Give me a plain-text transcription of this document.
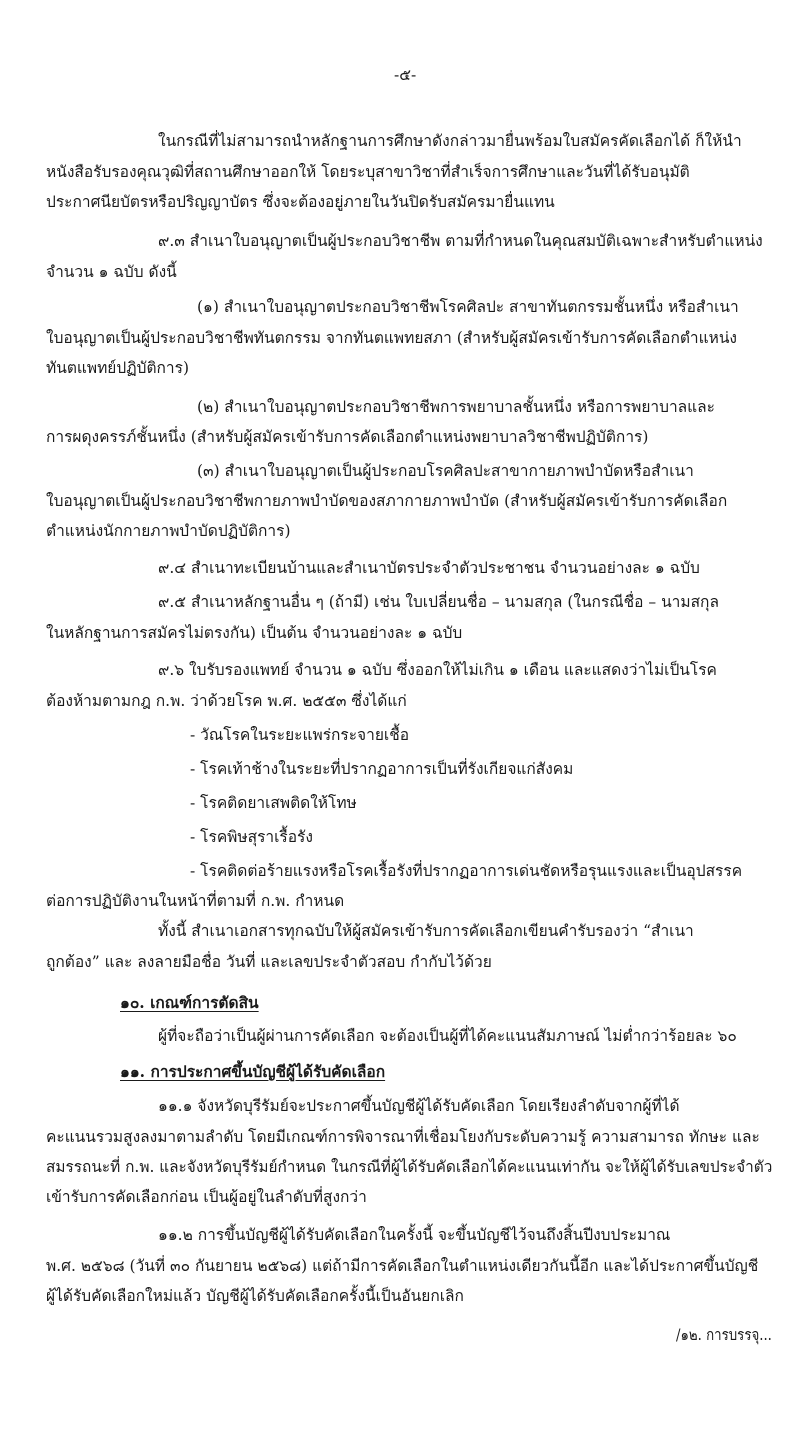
-๕-
ในกรณีที่ไม่สามารถนำหลักฐานการศึกษาดังกล่าวมายื่นพร้อมใบสมัครคัดเลือกได้ ก็ให้นำ
หนังสือรับรองคุณวุฒิที่สถานศึกษาออกให้ โดยระบุสาขาวิชาที่สำเร็จการศึกษาและวันที่ได้รับอนุมัติ
ประกาศนียบัตรหรือปริญญาบัตร ซึ่งจะต้องอยู่ภายในวันปิดรับสมัครมายื่นแทน
๙.๓ สำเนาใบอนุญาตเป็นผู้ประกอบวิชาชีพ ตามที่กำหนดในคุณสมบัติเฉพาะสำหรับตำแหน่ง
จำนวน ๑ ฉบับ ดังนี้
(๑) สำเนาใบอนุญาตประกอบวิชาชีพโรคศิลปะ สาขาทันตกรรมชั้นหนึ่ง หรือสำเนา
ใบอนุญาตเป็นผู้ประกอบวิชาชีพทันตกรรม จากทันตแพทยสภา (สำหรับผู้สมัครเข้ารับการคัดเลือกตำแหน่ง
ทันตแพทย์ปฏิบัติการ)
(๒) สำเนาใบอนุญาตประกอบวิชาชีพการพยาบาลชั้นหนึ่ง หรือการพยาบาลและ
การผดุงครรภ์ชั้นหนึ่ง (สำหรับผู้สมัครเข้ารับการคัดเลือกตำแหน่งพยาบาลวิชาชีพปฏิบัติการ)
(๓) สำเนาใบอนุญาตเป็นผู้ประกอบโรคศิลปะสาขากายภาพบำบัดหรือสำเนา
ใบอนุญาตเป็นผู้ประกอบวิชาชีพกายภาพบำบัดของสภากายภาพบำบัด (สำหรับผู้สมัครเข้ารับการคัดเลือก
ตำแหน่งนักกายภาพบำบัดปฏิบัติการ)
๙.๔ สำเนาทะเบียนบ้านและสำเนาบัตรประจำตัวประชาชน จำนวนอย่างละ ๑ ฉบับ
๙.๕ สำเนาหลักฐานอื่น ๆ (ถ้ามี) เช่น ใบเปลี่ยนชื่อ – นามสกุล (ในกรณีชื่อ – นามสกุล
ในหลักฐานการสมัครไม่ตรงกัน) เป็นต้น จำนวนอย่างละ ๑ ฉบับ
๙.๖ ใบรับรองแพทย์ จำนวน ๑ ฉบับ ซึ่งออกให้ไม่เกิน ๑ เดือน และแสดงว่าไม่เป็นโรค
ต้องห้ามตามกฎ ก.พ. ว่าด้วยโรค พ.ศ. ๒๕๕๓ ซึ่งได้แก่
- วัณโรคในระยะแพร่กระจายเชื้อ
- โรคเท้าช้างในระยะที่ปรากฏอาการเป็นที่รังเกียจแก่สังคม
- โรคติดยาเสพติดให้โทษ
- โรคพิษสุราเรื้อรัง
- โรคติดต่อร้ายแรงหรือโรคเรื้อรังที่ปรากฏอาการเด่นชัดหรือรุนแรงและเป็นอุปสรรค
ต่อการปฏิบัติงานในหน้าที่ตามที่ ก.พ. กำหนด
ทั้งนี้ สำเนาเอกสารทุกฉบับให้ผู้สมัครเข้ารับการคัดเลือกเขียนคำรับรองว่า “สำเนา
ถูกต้อง” และ ลงลายมือชื่อ วันที่ และเลขประจำตัวสอบ กำกับไว้ด้วย
๑๐. เกณฑ์การตัดสิน
ผู้ที่จะถือว่าเป็นผู้ผ่านการคัดเลือก จะต้องเป็นผู้ที่ได้คะแนนสัมภาษณ์ ไม่ต่ำกว่าร้อยละ ๖๐
๑๑. การประกาศขึ้นบัญชีผู้ได้รับคัดเลือก
๑๑.๑ จังหวัดบุรีรัมย์จะประกาศขึ้นบัญชีผู้ได้รับคัดเลือก โดยเรียงลำดับจากผู้ที่ได้
คะแนนรวมสูงลงมาตามลำดับ โดยมีเกณฑ์การพิจารณาที่เชื่อมโยงกับระดับความรู้ ความสามารถ ทักษะ และ
สมรรถนะที่ ก.พ. และจังหวัดบุรีรัมย์กำหนด ในกรณีที่ผู้ได้รับคัดเลือกได้คะแนนเท่ากัน จะให้ผู้ได้รับเลขประจำตัว
เข้ารับการคัดเลือกก่อน เป็นผู้อยู่ในลำดับที่สูงกว่า
๑๑.๒ การขึ้นบัญชีผู้ได้รับคัดเลือกในครั้งนี้ จะขึ้นบัญชีไว้จนถึงสิ้นปีงบประมาณ
พ.ศ. ๒๕๖๘ (วันที่ ๓๐ กันยายน ๒๕๖๘) แต่ถ้ามีการคัดเลือกในตำแหน่งเดียวกันนี้อีก และได้ประกาศขึ้นบัญชี
ผู้ได้รับคัดเลือกใหม่แล้ว บัญชีผู้ได้รับคัดเลือกครั้งนี้เป็นอันยกเลิก
/๑๒. การบรรจุ...
